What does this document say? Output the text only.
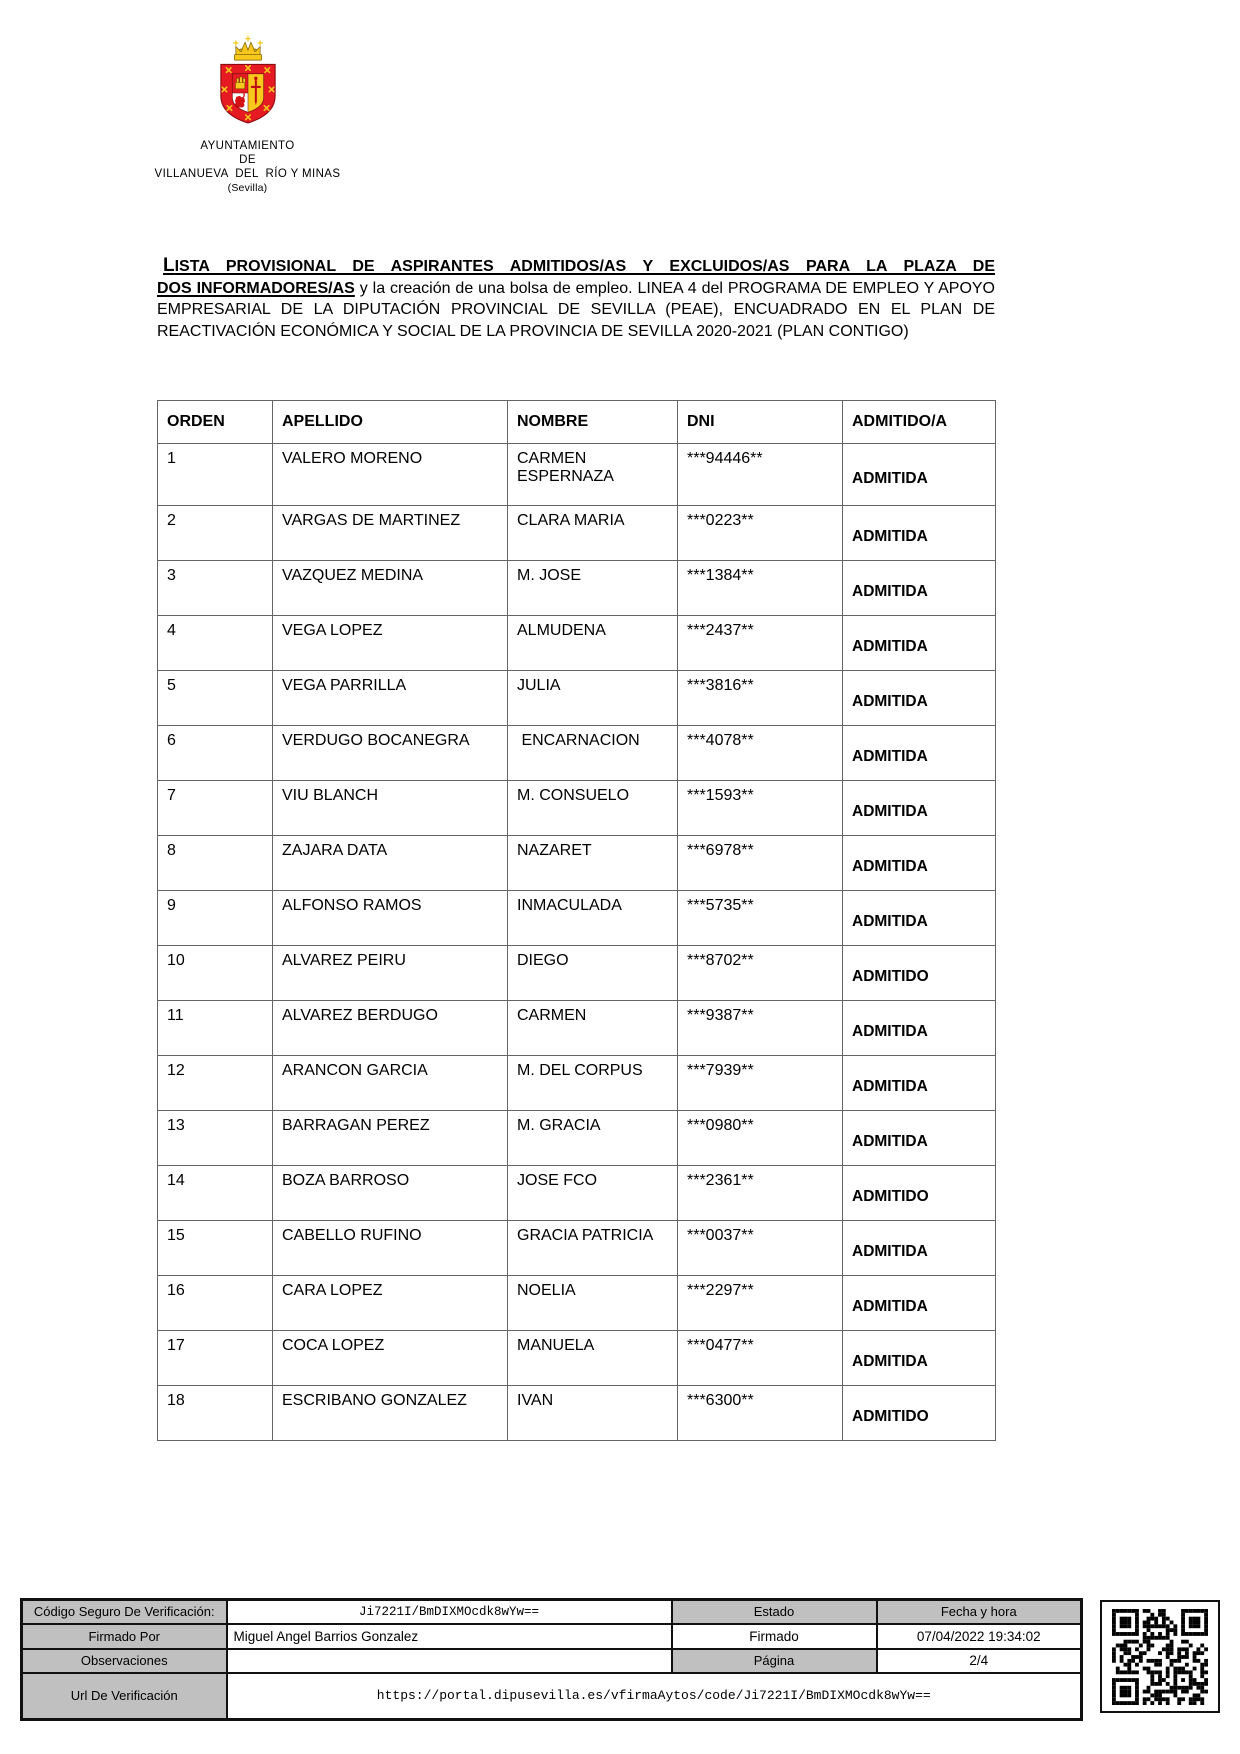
AYUNTAMIENTO
DE
VILLANUEVA  DEL  RÍO Y MINAS
(Sevilla)
LISTA PROVISIONAL DE ASPIRANTES ADMITIDOS/AS Y EXCLUIDOS/AS PARA LA PLAZA DE
DOS INFORMADORES/AS y la creación de una bolsa de empleo. LINEA 4 del PROGRAMA DE EMPLEO Y APOYO EMPRESARIAL DE LA DIPUTACIÓN PROVINCIAL DE SEVILLA (PEAE), ENCUADRADO EN EL PLAN DE REACTIVACIÓN ECONÓMICA Y SOCIAL DE LA PROVINCIA DE SEVILLA 2020-2021 (PLAN CONTIGO)
ORDEN	APELLIDO	NOMBRE	DNI	ADMITIDO/A
1	VALERO MORENO	CARMEN ESPERNAZA	***94446**	ADMITIDA
2	VARGAS DE MARTINEZ	CLARA MARIA	***0223**	ADMITIDA
3	VAZQUEZ MEDINA	M. JOSE	***1384**	ADMITIDA
4	VEGA LOPEZ	ALMUDENA	***2437**	ADMITIDA
5	VEGA PARRILLA	JULIA	***3816**	ADMITIDA
6	VERDUGO BOCANEGRA	ENCARNACION	***4078**	ADMITIDA
7	VIU BLANCH	M. CONSUELO	***1593**	ADMITIDA
8	ZAJARA DATA	NAZARET	***6978**	ADMITIDA
9	ALFONSO RAMOS	INMACULADA	***5735**	ADMITIDA
10	ALVAREZ PEIRU	DIEGO	***8702**	ADMITIDO
11	ALVAREZ BERDUGO	CARMEN	***9387**	ADMITIDA
12	ARANCON GARCIA	M. DEL CORPUS	***7939**	ADMITIDA
13	BARRAGAN PEREZ	M. GRACIA	***0980**	ADMITIDA
14	BOZA BARROSO	JOSE FCO	***2361**	ADMITIDO
15	CABELLO RUFINO	GRACIA PATRICIA	***0037**	ADMITIDA
16	CARA LOPEZ	NOELIA	***2297**	ADMITIDA
17	COCA LOPEZ	MANUELA	***0477**	ADMITIDA
18	ESCRIBANO GONZALEZ	IVAN	***6300**	ADMITIDO
Código Seguro De Verificación:	Ji7221I/BmDIXMOcdk8wYw==	Estado	Fecha y hora
Firmado Por	Miguel Angel Barrios Gonzalez	Firmado	07/04/2022 19:34:02
Observaciones		Página	2/4
Url De Verificación	https://portal.dipusevilla.es/vfirmaAytos/code/Ji7221I/BmDIXMOcdk8wYw==		
